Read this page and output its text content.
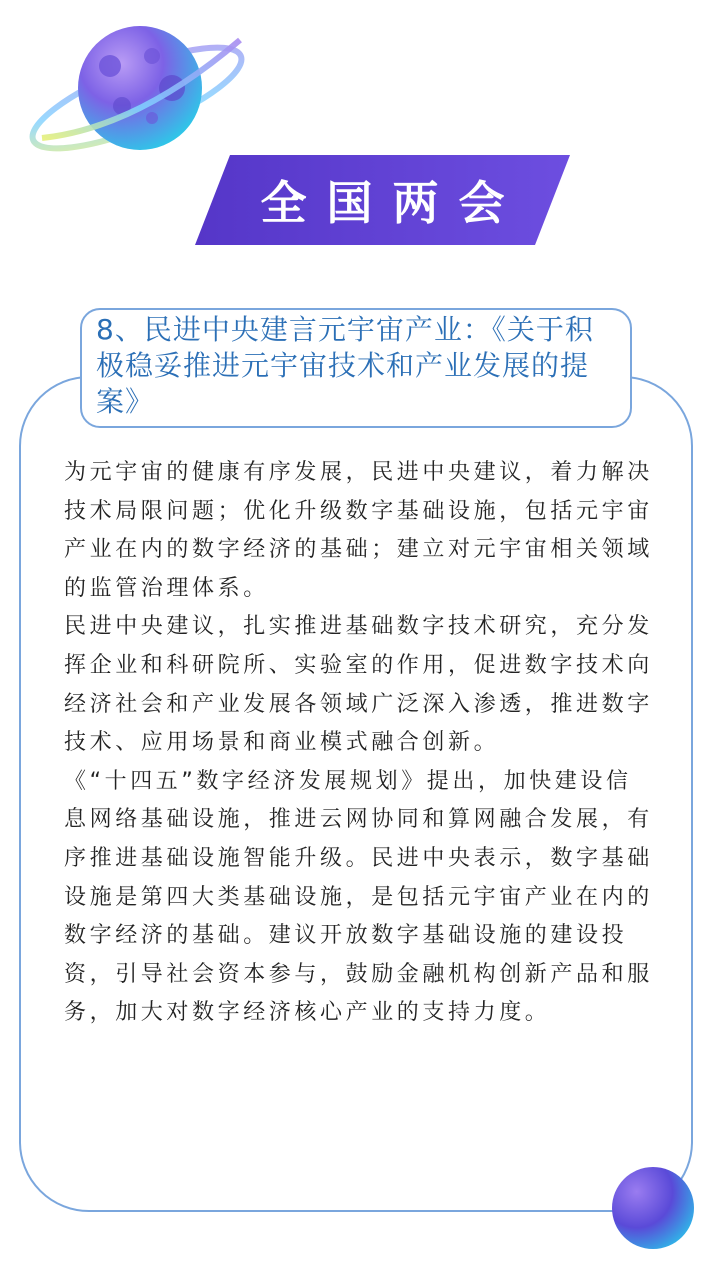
全国两会
8、民进中央建言元宇宙产业：《关于积极稳妥推进元宇宙技术和产业发展的提案》

为元宇宙的健康有序发展，民进中央建议，着力解决技术局限问题；优化升级数字基础设施，包括元宇宙产业在内的数字经济的基础；建立对元宇宙相关领域的监管治理体系。

民进中央建议，扎实推进基础数字技术研究，充分发挥企业和科研院所、实验室的作用，促进数字技术向经济社会和产业发展各领域广泛深入渗透，推进数字技术、应用场景和商业模式融合创新。

《“十四五”数字经济发展规划》提出，加快建设信息网络基础设施，推进云网协同和算网融合发展，有序推进基础设施智能升级。民进中央表示，数字基础设施是第四大类基础设施，是包括元宇宙产业在内的数字经济的基础。建议开放数字基础设施的建设投资，引导社会资本参与，鼓励金融机构创新产品和服务，加大对数字经济核心产业的支持力度。
